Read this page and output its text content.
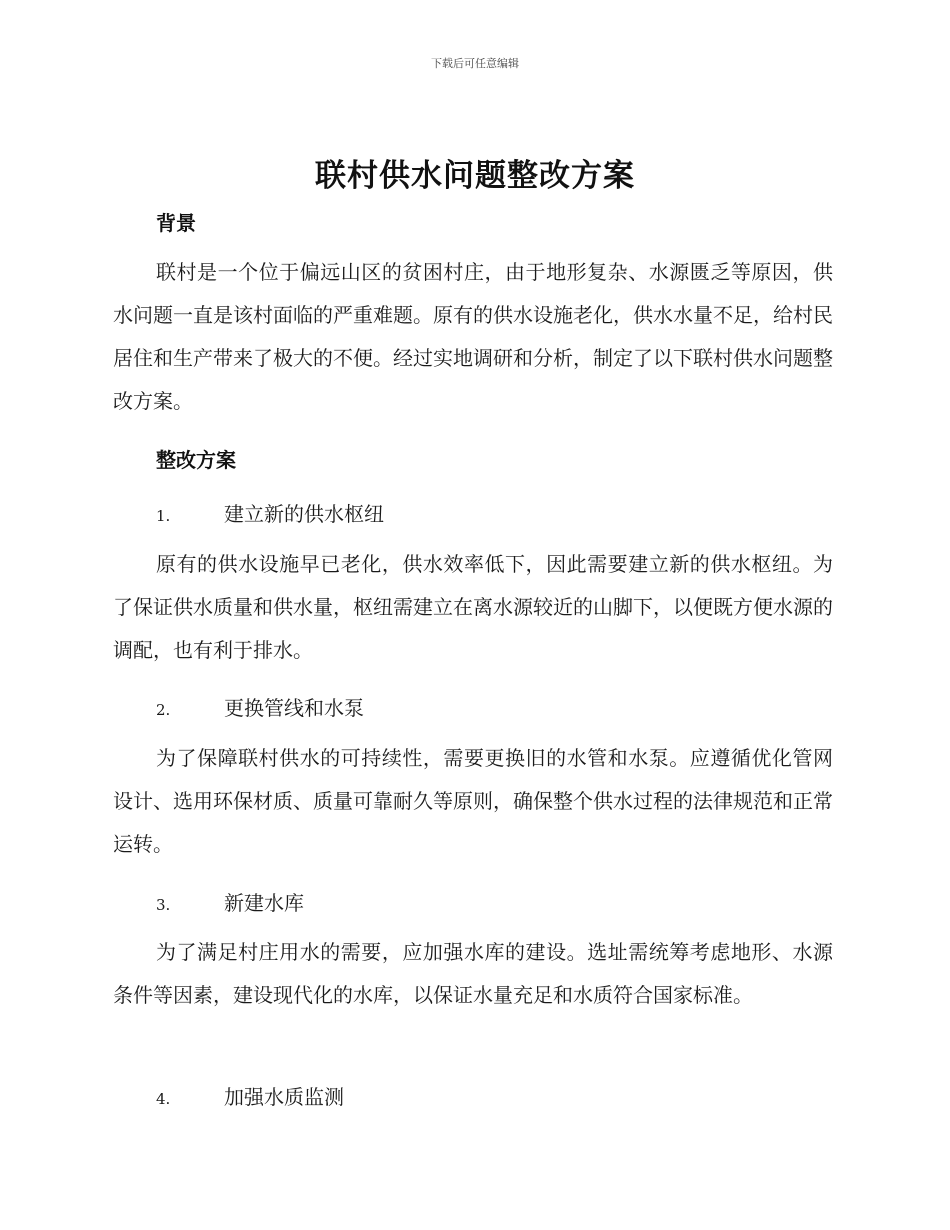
下载后可任意编辑
联村供水问题整改方案
背景

联村是一个位于偏远山区的贫困村庄，由于地形复杂、水源匮乏等原因，供水问题一直是该村面临的严重难题。原有的供水设施老化，供水水量不足，给村民居住和生产带来了极大的不便。经过实地调研和分析，制定了以下联村供水问题整改方案。

整改方案
1.	建立新的供水枢纽

原有的供水设施早已老化，供水效率低下，因此需要建立新的供水枢纽。为了保证供水质量和供水量，枢纽需建立在离水源较近的山脚下，以便既方便水源的调配，也有利于排水。

2.	更换管线和水泵

为了保障联村供水的可持续性，需要更换旧的水管和水泵。应遵循优化管网设计、选用环保材质、质量可靠耐久等原则，确保整个供水过程的法律规范和正常运转。

3.	新建水库

为了满足村庄用水的需要，应加强水库的建设。选址需统筹考虑地形、水源条件等因素，建设现代化的水库，以保证水量充足和水质符合国家标准。

4.	加强水质监测
